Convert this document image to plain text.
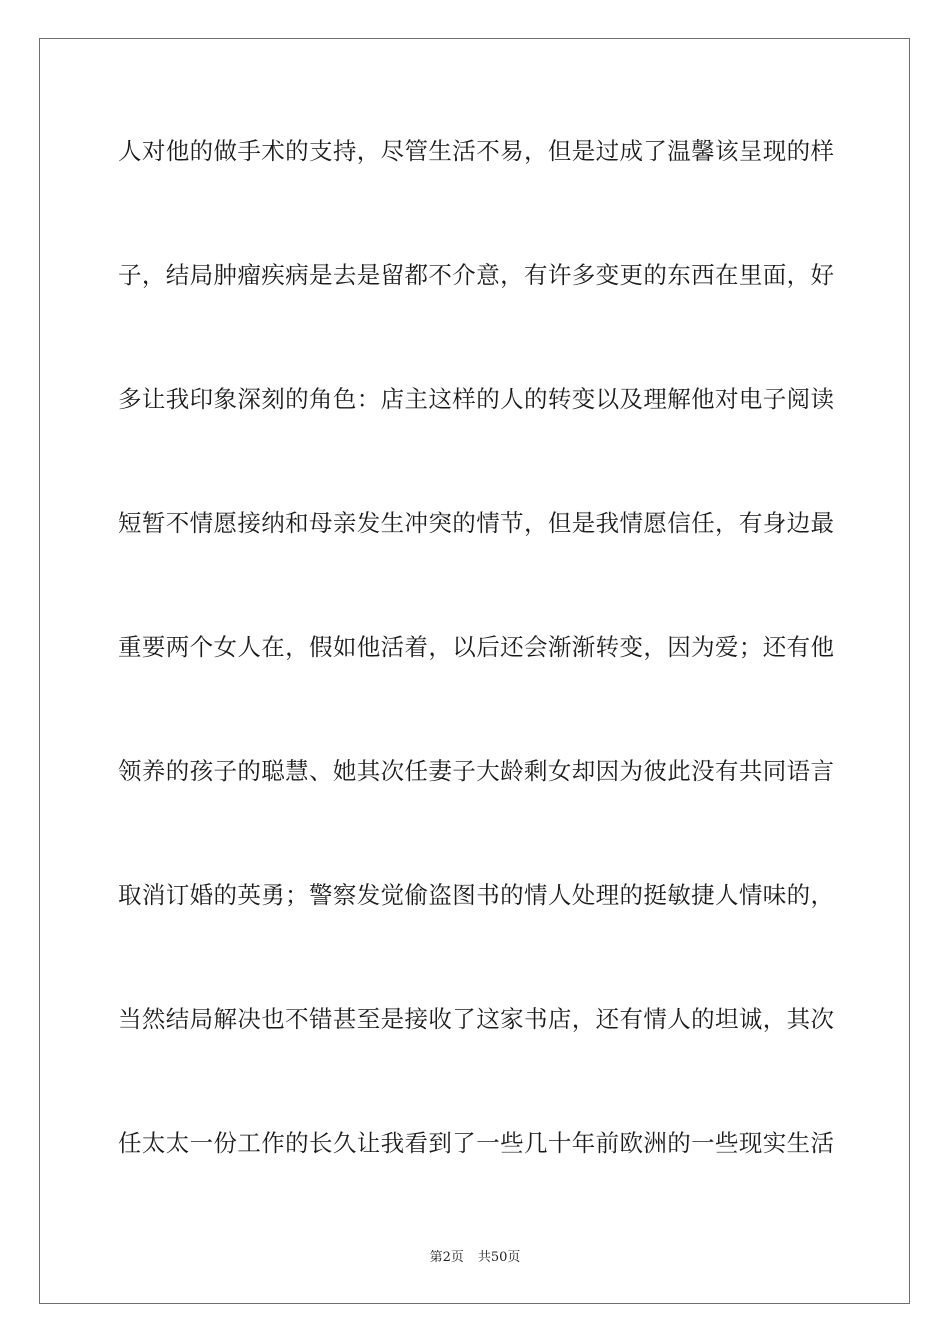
人对他的做手术的支持，尽管生活不易，但是过成了温馨该呈现的样

子，结局肿瘤疾病是去是留都不介意，有许多变更的东西在里面，好

多让我印象深刻的角色：店主这样的人的转变以及理解他对电子阅读

短暂不情愿接纳和母亲发生冲突的情节，但是我情愿信任，有身边最

重要两个女人在，假如他活着，以后还会渐渐转变，因为爱；还有他

领养的孩子的聪慧、她其次任妻子大龄剩女却因为彼此没有共同语言

取消订婚的英勇；警察发觉偷盗图书的情人处理的挺敏捷人情味的，

当然结局解决也不错甚至是接收了这家书店，还有情人的坦诚，其次

任太太一份工作的长久让我看到了一些几十年前欧洲的一些现实生活

第2页 共50页
